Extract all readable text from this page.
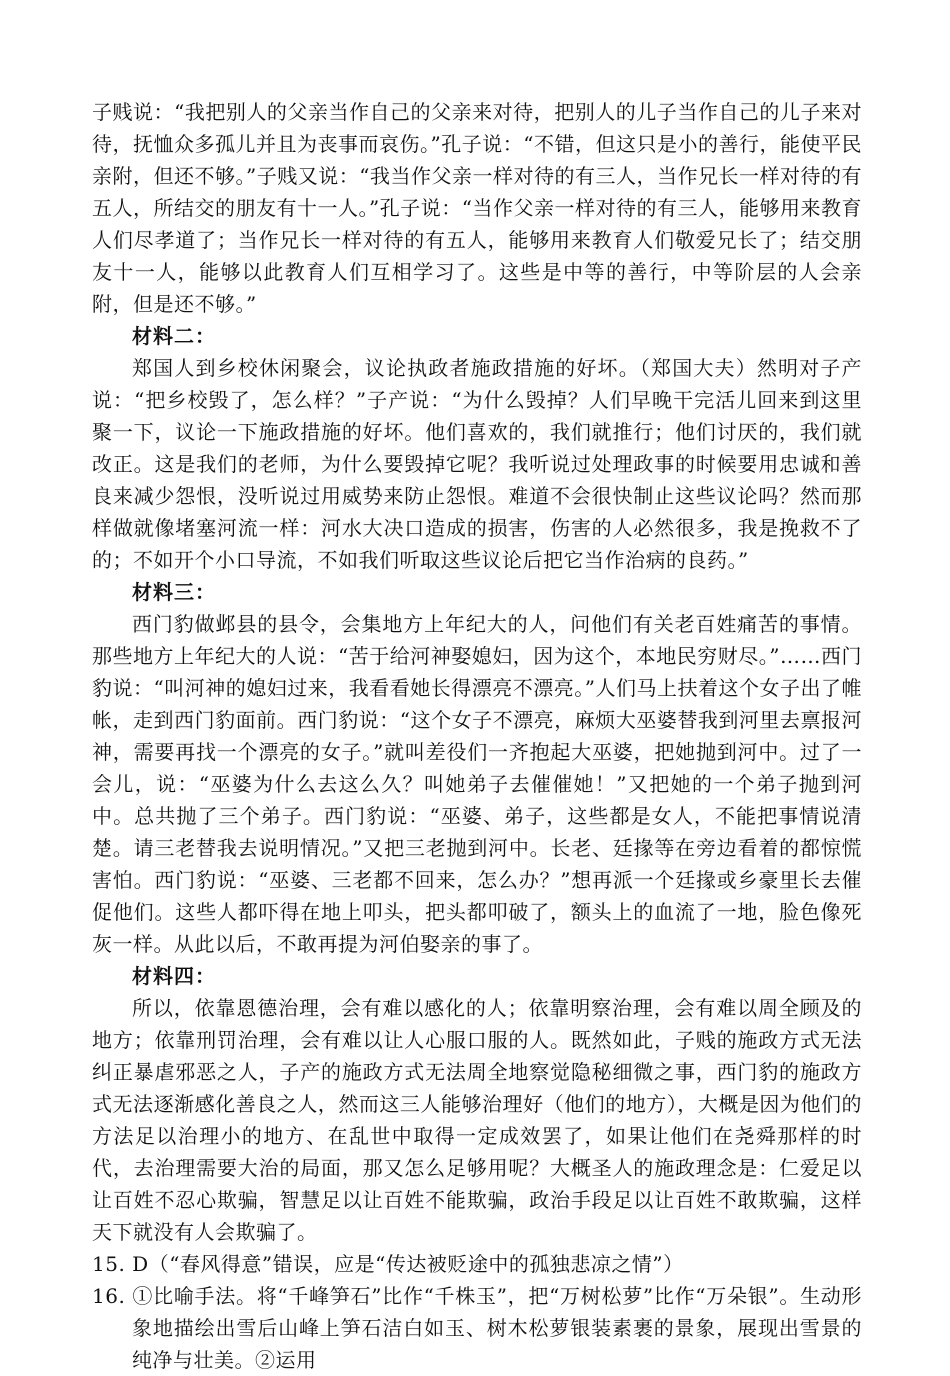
子贱说：“我把别人的父亲当作自己的父亲来对待，把别人的儿子当作自己的儿子来对待，抚恤众多孤儿并且为丧事而哀伤。”孔子说：“不错，但这只是小的善行，能使平民亲附，但还不够。”子贱又说：“我当作父亲一样对待的有三人，当作兄长一样对待的有五人，所结交的朋友有十一人。”孔子说：“当作父亲一样对待的有三人，能够用来教育人们尽孝道了；当作兄长一样对待的有五人，能够用来教育人们敬爱兄长了；结交朋友十一人，能够以此教育人们互相学习了。这些是中等的善行，中等阶层的人会亲附，但是还不够。”

材料二：

郑国人到乡校休闲聚会，议论执政者施政措施的好坏。（郑国大夫）然明对子产说：“把乡校毁了，怎么样？”子产说：“为什么毁掉？人们早晚干完活儿回来到这里聚一下，议论一下施政措施的好坏。他们喜欢的，我们就推行；他们讨厌的，我们就改正。这是我们的老师，为什么要毁掉它呢？我听说过处理政事的时候要用忠诚和善良来减少怨恨，没听说过用威势来防止怨恨。难道不会很快制止这些议论吗？然而那样做就像堵塞河流一样：河水大决口造成的损害，伤害的人必然很多，我是挽救不了的；不如开个小口导流，不如我们听取这些议论后把它当作治病的良药。”

材料三：

西门豹做邺县的县令，会集地方上年纪大的人，问他们有关老百姓痛苦的事情。那些地方上年纪大的人说：“苦于给河神娶媳妇，因为这个，本地民穷财尽。”……西门豹说：“叫河神的媳妇过来，我看看她长得漂亮不漂亮。”人们马上扶着这个女子出了帷帐，走到西门豹面前。西门豹说：“这个女子不漂亮，麻烦大巫婆替我到河里去禀报河神，需要再找一个漂亮的女子。”就叫差役们一齐抱起大巫婆，把她抛到河中。过了一会儿，说：“巫婆为什么去这么久？叫她弟子去催催她！”又把她的一个弟子抛到河中。总共抛了三个弟子。西门豹说：“巫婆、弟子，这些都是女人，不能把事情说清楚。请三老替我去说明情况。”又把三老抛到河中。长老、廷掾等在旁边看着的都惊慌害怕。西门豹说：“巫婆、三老都不回来，怎么办？”想再派一个廷掾或乡豪里长去催促他们。这些人都吓得在地上叩头，把头都叩破了，额头上的血流了一地，脸色像死灰一样。从此以后，不敢再提为河伯娶亲的事了。

材料四：

所以，依靠恩德治理，会有难以感化的人；依靠明察治理，会有难以周全顾及的地方；依靠刑罚治理，会有难以让人心服口服的人。既然如此，子贱的施政方式无法纠正暴虐邪恶之人，子产的施政方式无法周全地察觉隐秘细微之事，西门豹的施政方式无法逐渐感化善良之人，然而这三人能够治理好（他们的地方），大概是因为他们的方法足以治理小的地方、在乱世中取得一定成效罢了，如果让他们在尧舜那样的时代，去治理需要大治的局面，那又怎么足够用呢？大概圣人的施政理念是：仁爱足以让百姓不忍心欺骗，智慧足以让百姓不能欺骗，政治手段足以让百姓不敢欺骗，这样天下就没有人会欺骗了。

15. D（“春风得意”错误，应是“传达被贬途中的孤独悲凉之情”）

16. ①比喻手法。将“千峰笋石”比作“千株玉”，把“万树松萝”比作“万朵银”。生动形象地描绘出雪后山峰上笋石洁白如玉、树木松萝银装素裹的景象，展现出雪景的纯净与壮美。②运用
